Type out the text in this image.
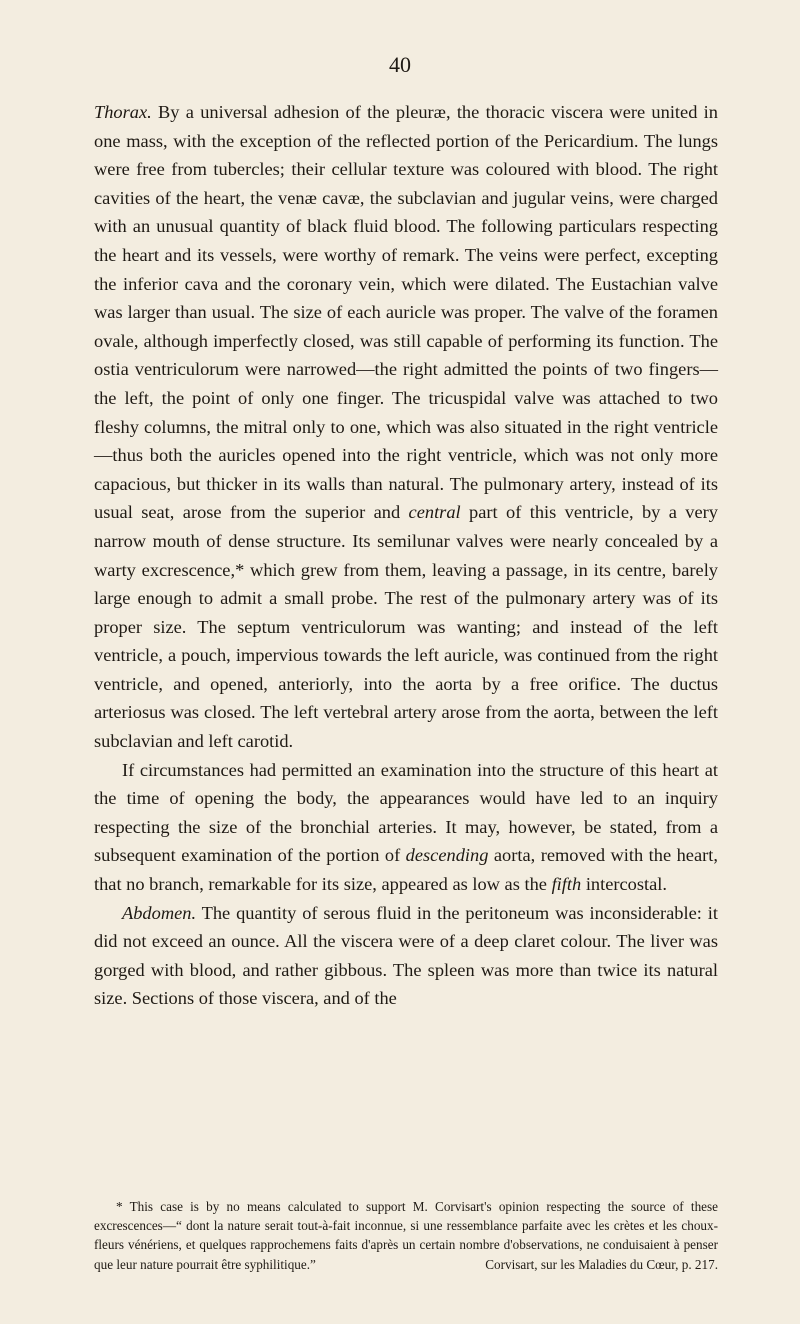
40

Thorax. By a universal adhesion of the pleuræ, the thoracic viscera were united in one mass, with the exception of the reflected portion of the Pericardium. The lungs were free from tubercles; their cellular texture was coloured with blood. The right cavities of the heart, the venæ cavæ, the subclavian and jugular veins, were charged with an unusual quantity of black fluid blood. The following particulars respecting the heart and its vessels, were worthy of remark. The veins were perfect, excepting the inferior cava and the coronary vein, which were dilated. The Eustachian valve was larger than usual. The size of each auricle was proper. The valve of the foramen ovale, although imperfectly closed, was still capable of performing its function. The ostia ventriculorum were narrowed—the right admitted the points of two fingers—the left, the point of only one finger. The tricuspidal valve was attached to two fleshy columns, the mitral only to one, which was also situated in the right ventricle—thus both the auricles opened into the right ventricle, which was not only more capacious, but thicker in its walls than natural. The pulmonary artery, instead of its usual seat, arose from the superior and central part of this ventricle, by a very narrow mouth of dense structure. Its semilunar valves were nearly concealed by a warty excrescence,* which grew from them, leaving a passage, in its centre, barely large enough to admit a small probe. The rest of the pulmonary artery was of its proper size. The septum ventriculorum was wanting; and instead of the left ventricle, a pouch, impervious towards the left auricle, was continued from the right ventricle, and opened, anteriorly, into the aorta by a free orifice. The ductus arteriosus was closed. The left vertebral artery arose from the aorta, between the left subclavian and left carotid.

If circumstances had permitted an examination into the structure of this heart at the time of opening the body, the appearances would have led to an inquiry respecting the size of the bronchial arteries. It may, however, be stated, from a subsequent examination of the portion of descending aorta, removed with the heart, that no branch, remarkable for its size, appeared as low as the fifth intercostal.

Abdomen. The quantity of serous fluid in the peritoneum was inconsiderable: it did not exceed an ounce. All the viscera were of a deep claret colour. The liver was gorged with blood, and rather gibbous. The spleen was more than twice its natural size. Sections of those viscera, and of the

* This case is by no means calculated to support M. Corvisart's opinion respecting the source of these excrescences—“ dont la nature serait tout-à-fait inconnue, si une ressemblance parfaite avec les crètes et les choux-fleurs vénériens, et quelques rapprochemens faits d'après un certain nombre d'observations, ne conduisaient à penser que leur nature pourrait être syphilitique.”	Corvisart, sur les Maladies du Cœur, p. 217.
